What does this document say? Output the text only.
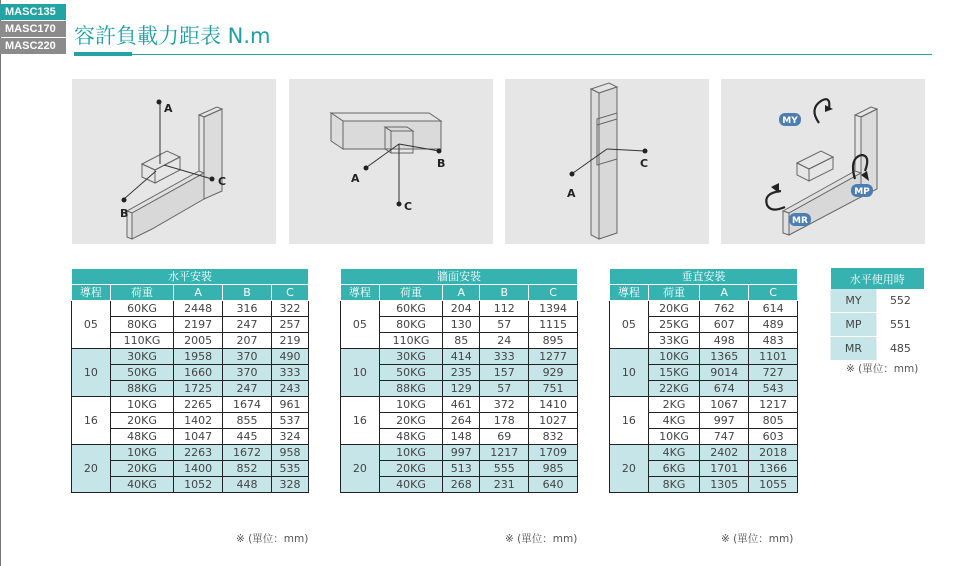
MASC135
MASC170
MASC220 容許負載力距表 N.m
A
C
B
B
A
C
C
A
MY
MP
MR
水平安裝				
導程	荷重	A	B	C
05	60KG	2448	316	322
	80KG	2197	247	257
	110KG	2005	207	219
10	30KG	1958	370	490
	50KG	1660	370	333
	88KG	1725	247	243
16	10KG	2265	1674	961
	20KG	1402	855	537
	48KG	1047	445	324
20	10KG	2263	1672	958
	20KG	1400	852	535
	40KG	1052	448	328
※ (單位：mm)
牆面安裝				
導程	荷重	A	B	C
05	60KG	204	112	1394
	80KG	130	57	1115
	110KG	85	24	895
10	30KG	414	333	1277
	50KG	235	157	929
	88KG	129	57	751
16	10KG	461	372	1410
	20KG	264	178	1027
	48KG	148	69	832
20	10KG	997	1217	1709
	20KG	513	555	985
	40KG	268	231	640
※ (單位：mm)
垂直安裝			
導程	荷重	A	C
05	20KG	762	614
	25KG	607	489
	33KG	498	483
10	10KG	1365	1101
	15KG	9014	727
	22KG	674	543
16	2KG	1067	1217
	4KG	997	805
	10KG	747	603
20	4KG	2402	2018
	6KG	1701	1366
	8KG	1305	1055
※ (單位：mm)
水平使用時	
MY	552
MP	551
MR	485
※ (單位：mm)
